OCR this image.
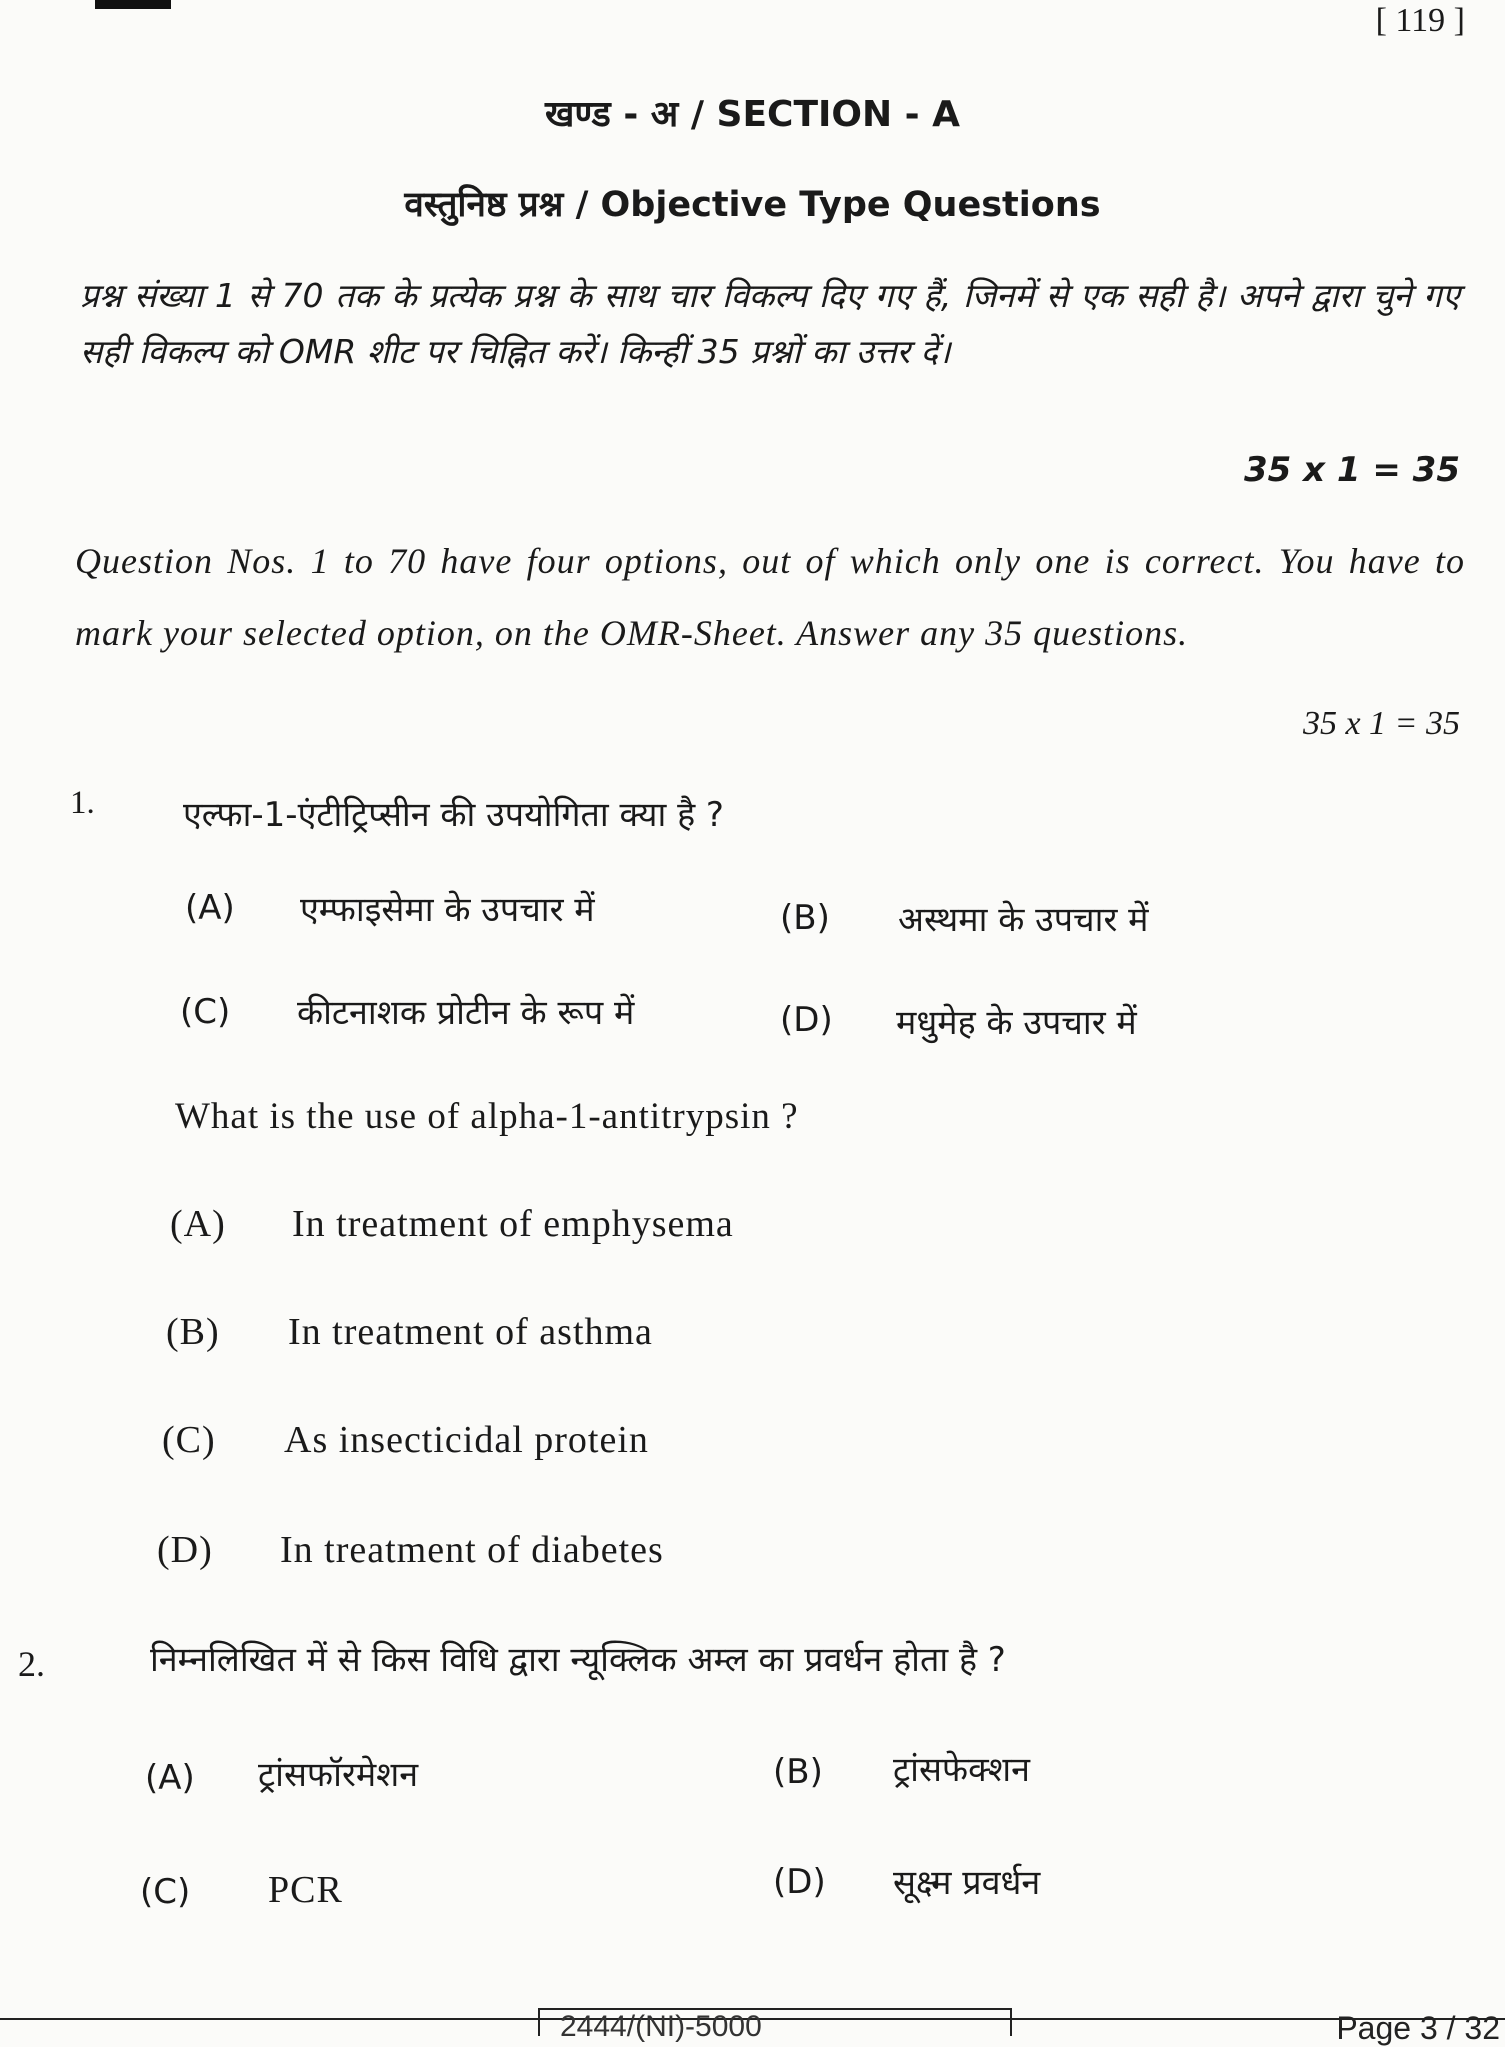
[ 119 ]
खण्ड - अ / SECTION - A
वस्तुनिष्ठ प्रश्न / Objective Type Questions
प्रश्न संख्या 1 से 70 तक के प्रत्येक प्रश्न के साथ चार विकल्प दिए गए हैं, जिनमें से एक सही है। अपने द्वारा चुने गए सही विकल्प को OMR शीट पर चिह्नित करें। किन्हीं 35 प्रश्नों का उत्तर दें।
35 x 1 = 35
Question Nos. 1 to 70 have four options, out of which only one is correct. You have to mark your selected option, on the OMR-Sheet. Answer any 35 questions.
35 x 1 = 35
1.	एल्फा-1-एंटीट्रिप्सीन की उपयोगिता क्या है ?
(A) एम्फाइसेमा के उपचार में	(B) अस्थमा के उपचार में
(C) कीटनाशक प्रोटीन के रूप में	(D) मधुमेह के उपचार में
What is the use of alpha-1-antitrypsin ?
(A) In treatment of emphysema
(B) In treatment of asthma
(C) As insecticidal protein
(D) In treatment of diabetes
2.	निम्नलिखित में से किस विधि द्वारा न्यूक्लिक अम्ल का प्रवर्धन होता है ?
(A) ट्रांसफॉरमेशन	(B) ट्रांसफेक्शन
(C) PCR	(D) सूक्ष्म प्रवर्धन
2444/(NI)-5000	Page 3 / 32
